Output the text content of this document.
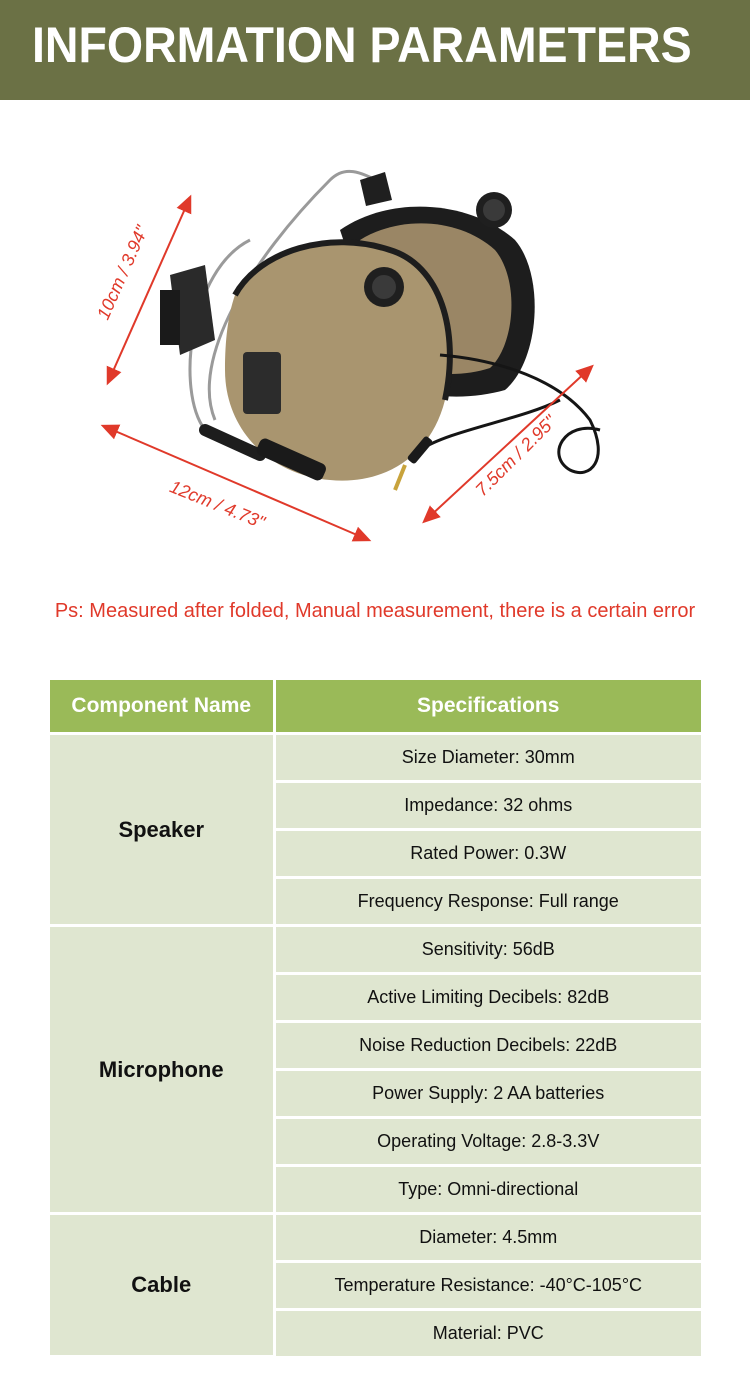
INFORMATION PARAMETERS
10cm / 3.94"
12cm / 4.73"
7.5cm / 2.95"
Ps: Measured after folded, Manual measurement, there is a certain error
Component Name	Specifications
Speaker	Size Diameter: 30mm
	Impedance: 32 ohms
	Rated Power: 0.3W
	Frequency Response: Full range
Microphone	Sensitivity: 56dB
	Active Limiting Decibels: 82dB
	Noise Reduction Decibels: 22dB
	Power Supply: 2 AA batteries
	Operating Voltage: 2.8-3.3V
	Type: Omni-directional
Cable	Diameter: 4.5mm
	Temperature Resistance: -40°C-105°C
	Material: PVC
